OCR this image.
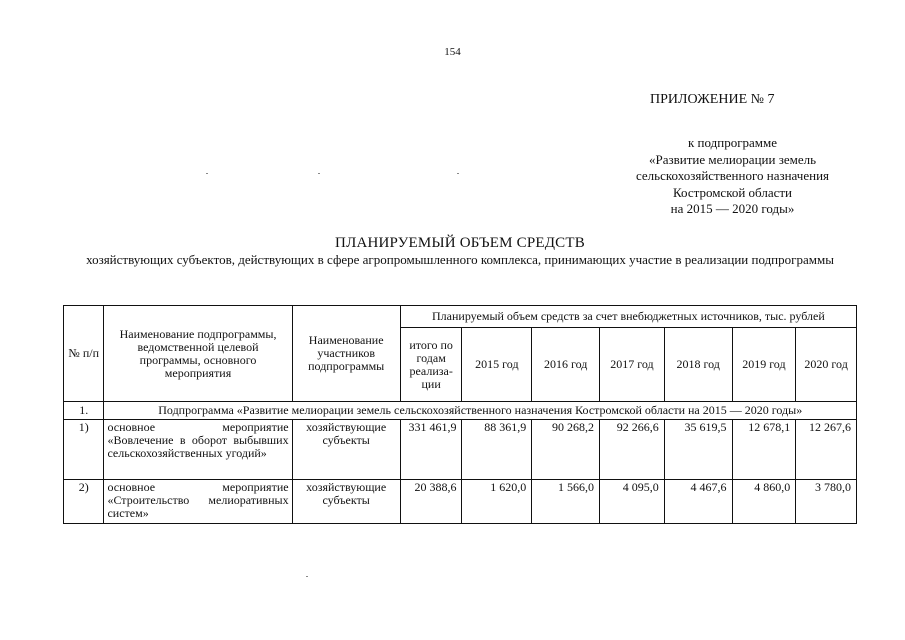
154
ПРИЛОЖЕНИЕ № 7
к подпрограмме
«Развитие мелиорации земель
сельскохозяйственного назначения
Костромской области
на 2015 — 2020 годы»
ПЛАНИРУЕМЫЙ ОБЪЕМ СРЕДСТВ
хозяйствующих субъектов, действующих в сфере агропромышленного комплекса, принимающих участие в реализации подпрограммы
№ п/п	Наименование подпрограммы, ведомственной целевой программы, основного мероприятия	Наименование участников подпрограммы	Планируемый объем средств за счет внебюджетных источников, тыс. рублей						
			итого по годам реализа-ции	2015 год	2016 год	2017 год	2018 год	2019 год	2020 год
1.	Подпрограмма «Развитие мелиорации земель сельскохозяйственного назначения Костромской области на 2015 — 2020 годы»								
1)	основное мероприятие «Вовлечение в оборот выбывших сельскохозяйственных угодий»	хозяйствующие субъекты	331 461,9	88 361,9	90 268,2	92 266,6	35 619,5	12 678,1	12 267,6
2)	основное мероприятие «Строительство мелиоративных систем»	хозяйствующие субъекты	20 388,6	1 620,0	1 566,0	4 095,0	4 467,6	4 860,0	3 780,0
